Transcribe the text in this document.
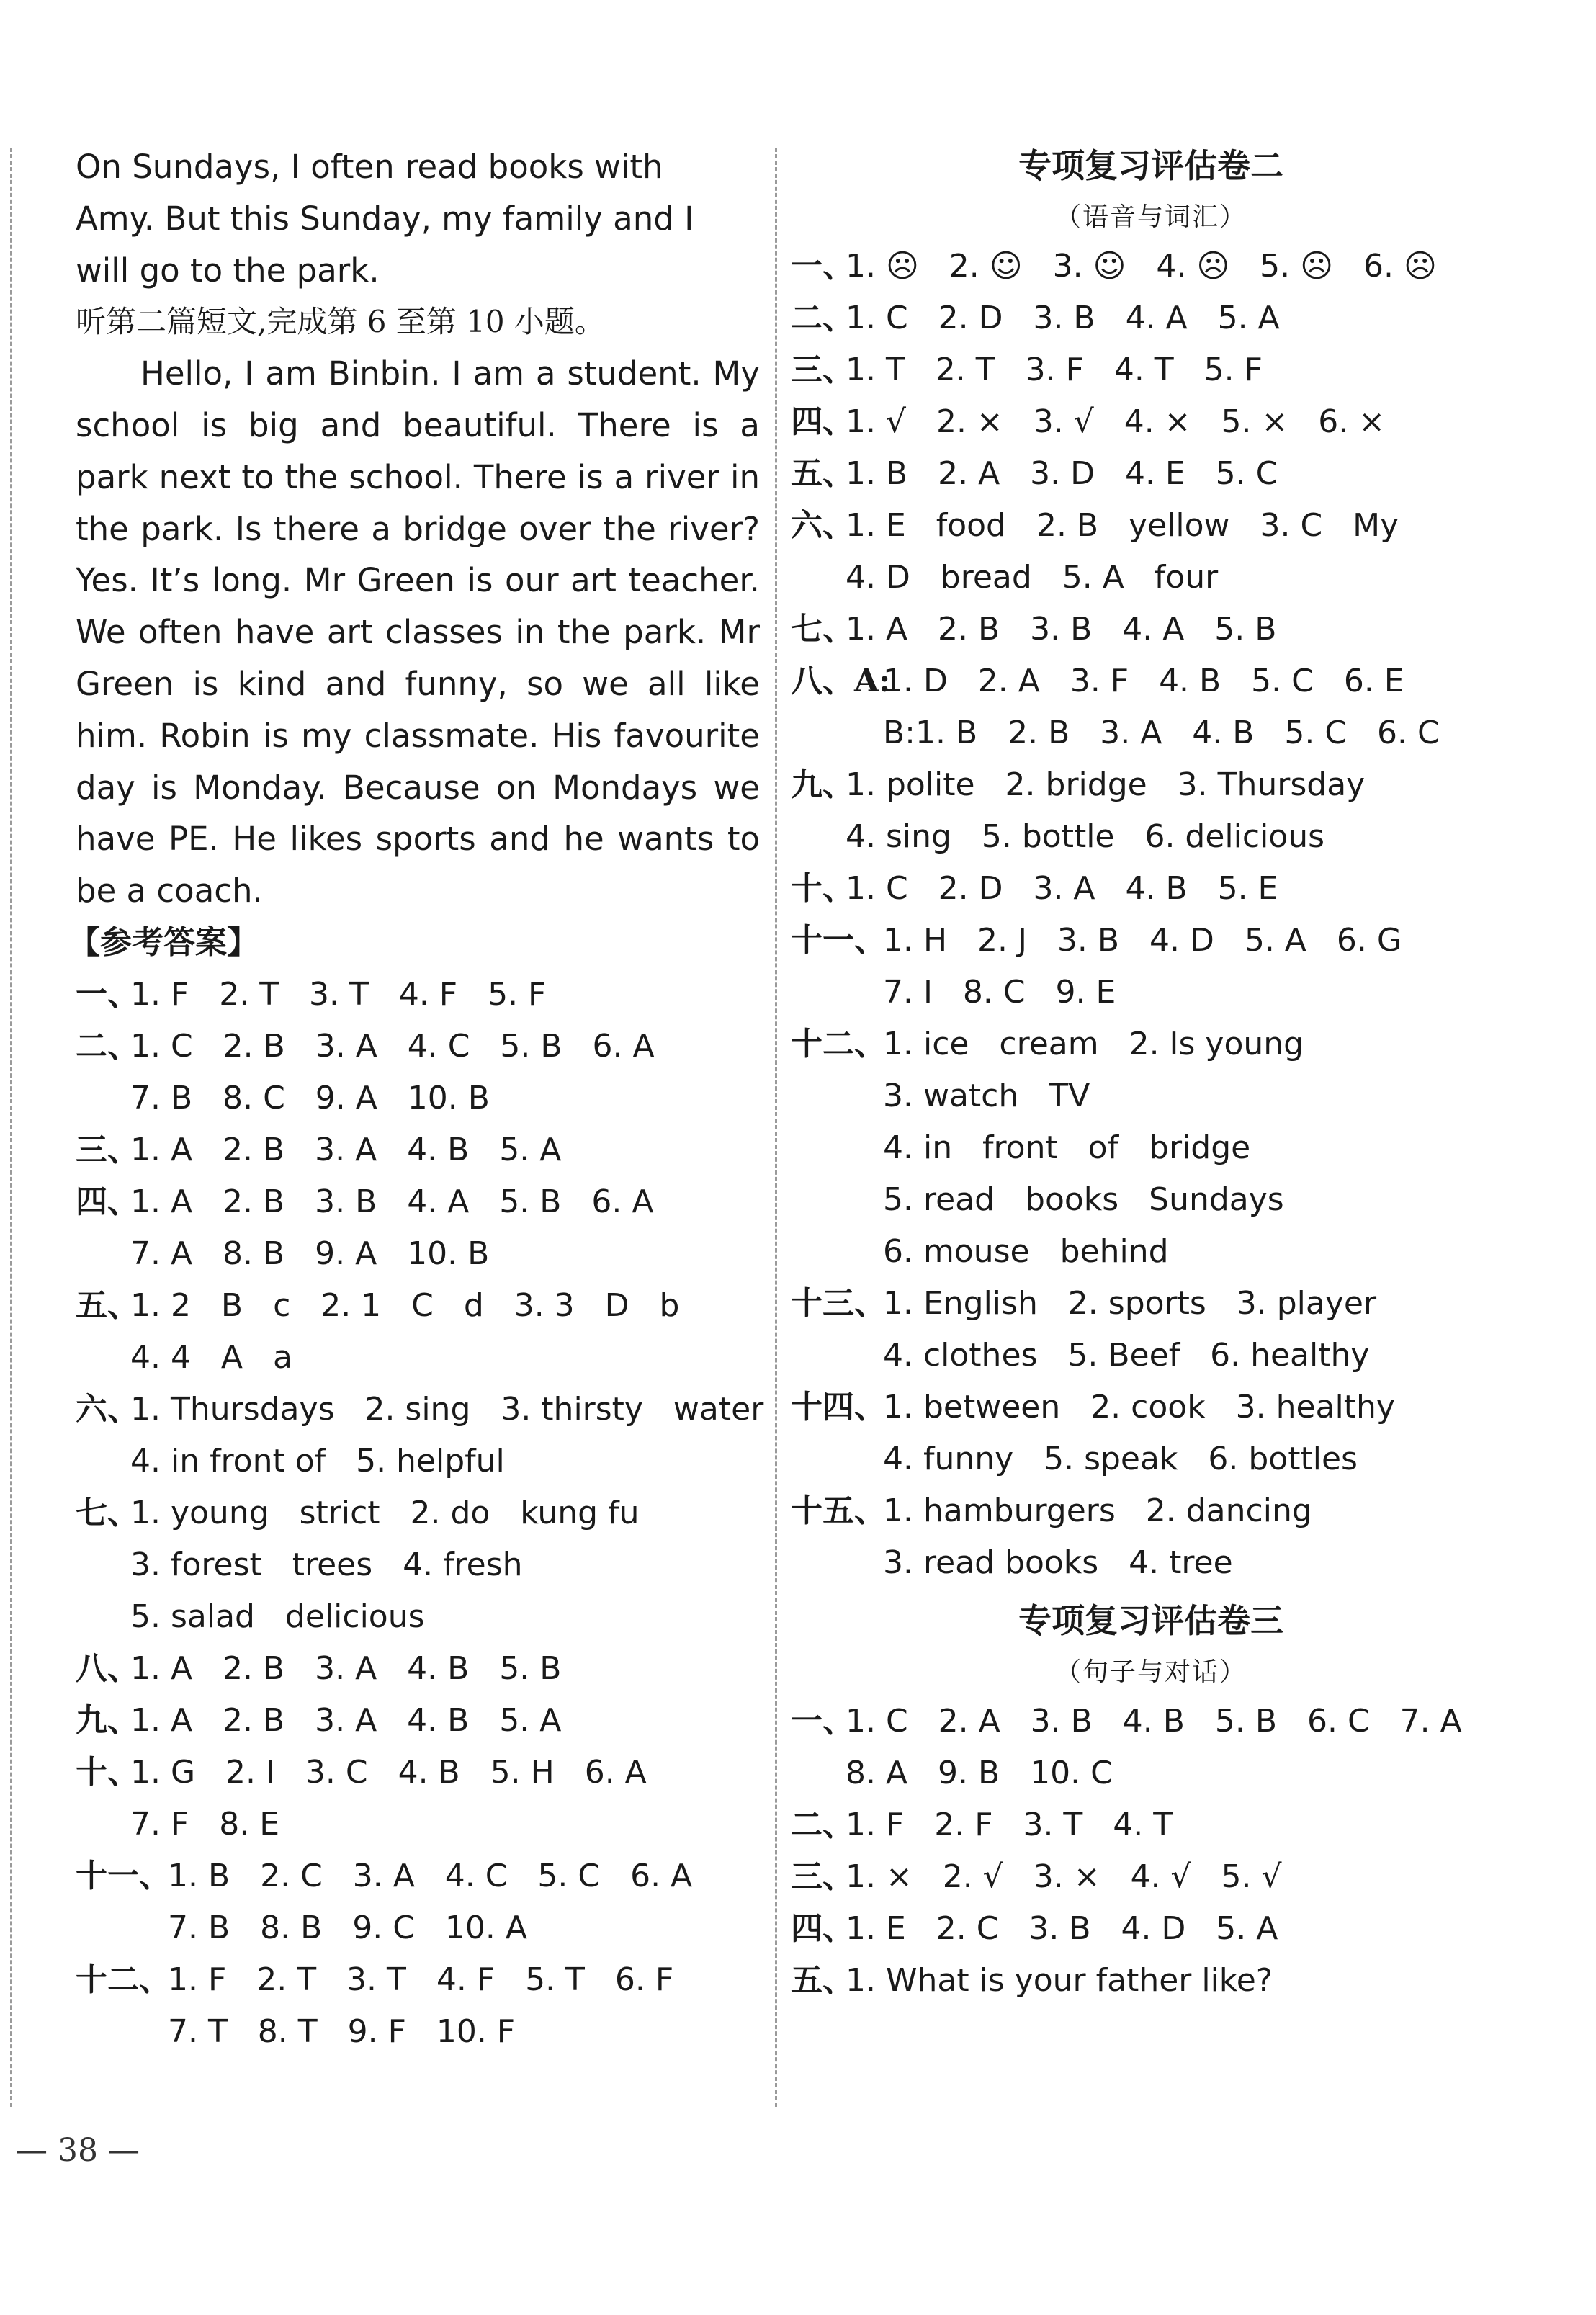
On Sundays, I often read books with

Amy. But this Sunday, my family and I

will go to the park.

听第二篇短文,完成第 6 至第 10 小题。

Hello, I am Binbin. I am a student. My school is big and beautiful. There is a park next to the school. There is a river in the park. Is there a bridge over the river? Yes. It’s long. Mr Green is our art teacher. We often have art classes in the park. Mr Green is kind and funny, so we all like him. Robin is my classmate. His favourite day is Monday. Because on Mondays we have PE. He likes sports and he wants to be a coach.

【参考答案】
一、
1. F   2. T   3. T   4. F   5. F
二、
1. C   2. B   3. A   4. C   5. B   6. A
7. B   8. C   9. A   10. B
三、
1. A   2. B   3. A   4. B   5. A
四、
1. A   2. B   3. B   4. A   5. B   6. A
7. A   8. B   9. A   10. B
五、
1. 2   B   c   2. 1   C   d   3. 3   D   b
4. 4   A   a
六、
1. Thursdays   2. sing   3. thirsty   water
4. in front of   5. helpful
七、
1. young   strict   2. do   kung fu
3. forest   trees   4. fresh
5. salad   delicious
八、
1. A   2. B   3. A   4. B   5. B
九、
1. A   2. B   3. A   4. B   5. A
十、
1. G   2. I   3. C   4. B   5. H   6. A
7. F   8. E
十一、
1. B   2. C   3. A   4. C   5. C   6. A
7. B   8. B   9. C   10. A
十二、
1. F   2. T   3. T   4. F   5. T   6. F
7. T   8. T   9. F   10. F
专项复习评估卷二
（语音与词汇）
一、
1. ☹   2. ☺   3. ☺   4. ☹   5. ☹   6. ☹
二、
1. C   2. D   3. B   4. A   5. A
三、
1. T   2. T   3. F   4. T   5. F
四、
1. √   2. ×   3. √   4. ×   5. ×   6. ×
五、
1. B   2. A   3. D   4. E   5. C
六、
1. E   food   2. B   yellow   3. C   My
4. D   bread   5. A   four
七、
1. A   2. B   3. B   4. A   5. B
八、A:
1. D   2. A   3. F   4. B   5. C   6. E
B:1. B   2. B   3. A   4. B   5. C   6. C
九、
1. polite   2. bridge   3. Thursday
4. sing   5. bottle   6. delicious
十、
1. C   2. D   3. A   4. B   5. E
十一、
1. H   2. J   3. B   4. D   5. A   6. G
7. I   8. C   9. E
十二、
1. ice   cream   2. Is young
3. watch   TV
4. in   front   of   bridge
5. read   books   Sundays
6. mouse   behind
十三、
1. English   2. sports   3. player
4. clothes   5. Beef   6. healthy
十四、
1. between   2. cook   3. healthy
4. funny   5. speak   6. bottles
十五、
1. hamburgers   2. dancing
3. read books   4. tree
专项复习评估卷三
（句子与对话）
一、
1. C   2. A   3. B   4. B   5. B   6. C   7. A
8. A   9. B   10. C
二、
1. F   2. F   3. T   4. T
三、
1. ×   2. √   3. ×   4. √   5. √
四、
1. E   2. C   3. B   4. D   5. A
五、
1. What is your father like?
— 38 —
